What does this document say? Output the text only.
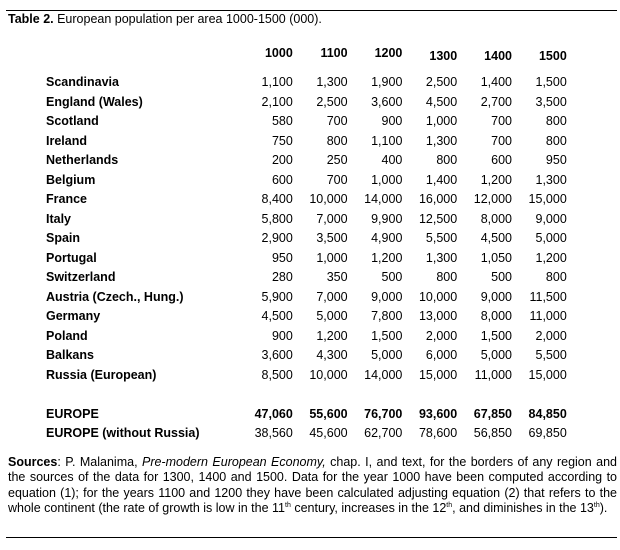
Table 2. European population per area 1000-1500 (000).
	1000	1100	1200	1300	1400	1500
Scandinavia	1,100	1,300	1,900	2,500	1,400	1,500
England (Wales)	2,100	2,500	3,600	4,500	2,700	3,500
Scotland	580	700	900	1,000	700	800
Ireland	750	800	1,100	1,300	700	800
Netherlands	200	250	400	800	600	950
Belgium	600	700	1,000	1,400	1,200	1,300
France	8,400	10,000	14,000	16,000	12,000	15,000
Italy	5,800	7,000	9,900	12,500	8,000	9,000
Spain	2,900	3,500	4,900	5,500	4,500	5,000
Portugal	950	1,000	1,200	1,300	1,050	1,200
Switzerland	280	350	500	800	500	800
Austria (Czech., Hung.)	5,900	7,000	9,000	10,000	9,000	11,500
Germany	4,500	5,000	7,800	13,000	8,000	11,000
Poland	900	1,200	1,500	2,000	1,500	2,000
Balkans	3,600	4,300	5,000	6,000	5,000	5,500
Russia (European)	8,500	10,000	14,000	15,000	11,000	15,000

EUROPE	47,060	55,600	76,700	93,600	67,850	84,850
EUROPE (without Russia)	38,560	45,600	62,700	78,600	56,850	69,850
Sources: P. Malanima, Pre-modern European Economy, chap. I, and text, for the borders of any region and the sources of the data for 1300, 1400 and 1500. Data for the year 1000 have been computed according to equation (1); for the years 1100 and 1200 they have been calculated adjusting equation (2) that refers to the whole continent (the rate of growth is low in the 11th century, increases in the 12th, and diminishes in the 13th).
